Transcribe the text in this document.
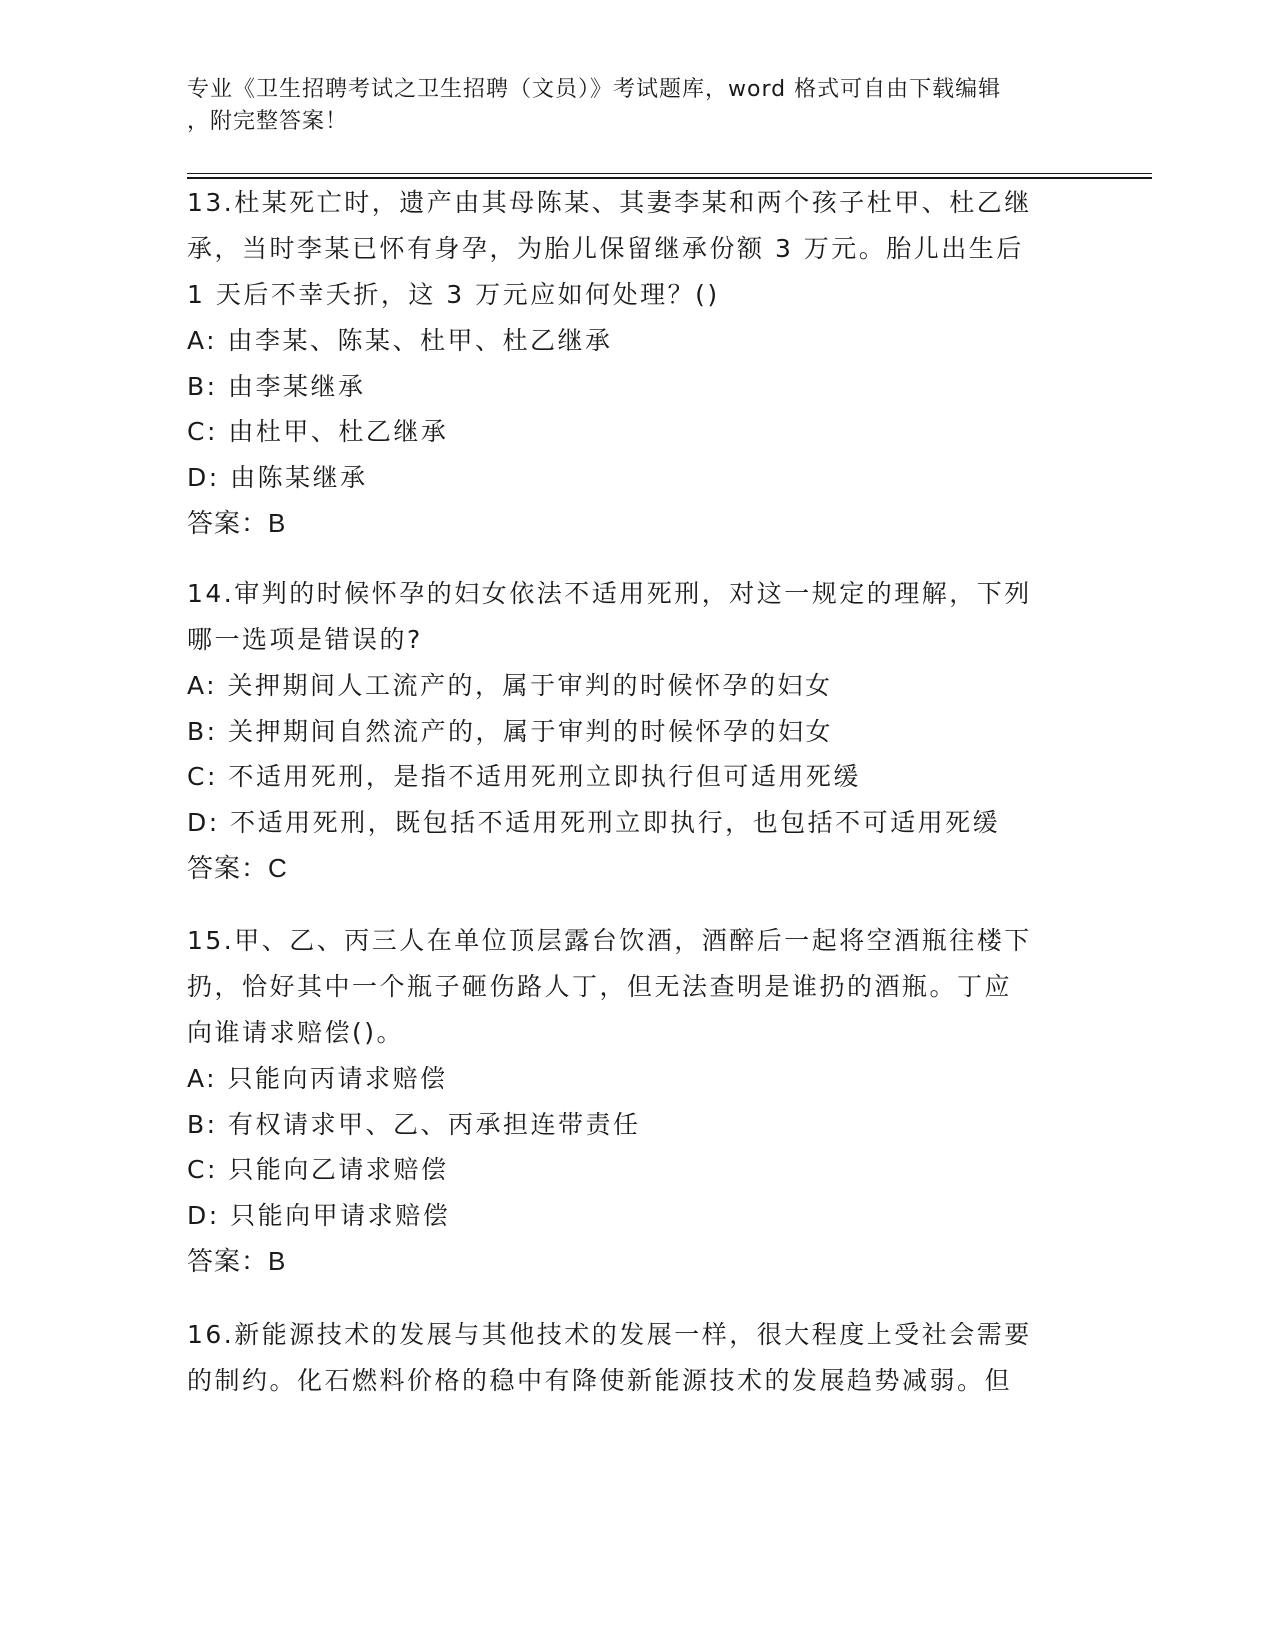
专业《卫生招聘考试之卫生招聘（文员）》考试题库，word 格式可自由下载编辑
，附完整答案！

13.杜某死亡时，遗产由其母陈某、其妻李某和两个孩子杜甲、杜乙继

承，当时李某已怀有身孕，为胎儿保留继承份额 3 万元。胎儿出生后

1 天后不幸夭折，这 3 万元应如何处理？()

A: 由李某、陈某、杜甲、杜乙继承

B: 由李某继承

C: 由杜甲、杜乙继承

D: 由陈某继承

答案：B

14.审判的时候怀孕的妇女依法不适用死刑，对这一规定的理解，下列

哪一选项是错误的?

A: 关押期间人工流产的，属于审判的时候怀孕的妇女

B: 关押期间自然流产的，属于审判的时候怀孕的妇女

C: 不适用死刑，是指不适用死刑立即执行但可适用死缓

D: 不适用死刑，既包括不适用死刑立即执行，也包括不可适用死缓

答案：C

15.甲、乙、丙三人在单位顶层露台饮酒，酒醉后一起将空酒瓶往楼下

扔，恰好其中一个瓶子砸伤路人丁，但无法查明是谁扔的酒瓶。丁应

向谁请求赔偿()。

A: 只能向丙请求赔偿

B: 有权请求甲、乙、丙承担连带责任

C: 只能向乙请求赔偿

D: 只能向甲请求赔偿

答案：B

16.新能源技术的发展与其他技术的发展一样，很大程度上受社会需要

的制约。化石燃料价格的稳中有降使新能源技术的发展趋势减弱。但
